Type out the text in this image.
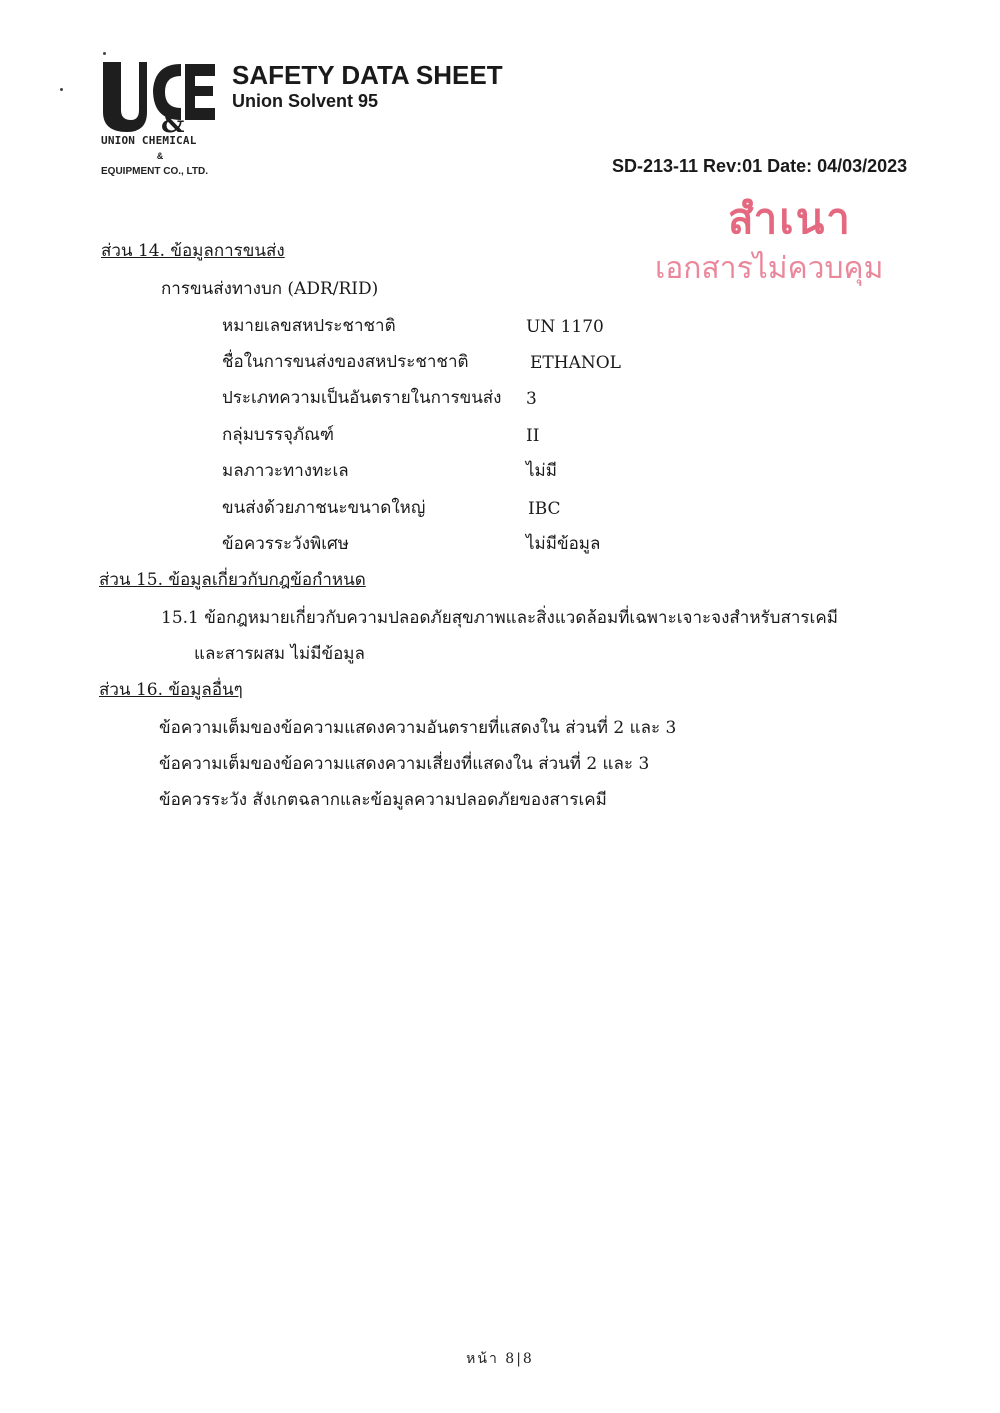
&
UNION CHEMICAL
&
EQUIPMENT CO., LTD.
SAFETY DATA SHEET
Union Solvent 95
SD-213-11 Rev:01 Date: 04/03/2023
สำเนา
เอกสารไม่ควบคุม
ส่วน 14. ข้อมูลการขนส่ง
การขนส่งทางบก (ADR/RID)
หมายเลขสหประชาชาติ	UN 1170
ชื่อในการขนส่งของสหประชาชาติ	ETHANOL
ประเภทความเป็นอันตรายในการขนส่ง 3
กลุ่มบรรจุภัณฑ์	II
มลภาวะทางทะเล	ไม่มี
ขนส่งด้วยภาชนะขนาดใหญ่	IBC
ข้อควรระวังพิเศษ	ไม่มีข้อมูล
ส่วน 15. ข้อมูลเกี่ยวกับกฎข้อกำหนด
15.1 ข้อกฎหมายเกี่ยวกับความปลอดภัยสุขภาพและสิ่งแวดล้อมที่เฉพาะเจาะจงสำหรับสารเคมี
และสารผสม ไม่มีข้อมูล
ส่วน 16. ข้อมูลอื่นๆ
ข้อความเต็มของข้อความแสดงความอันตรายที่แสดงใน ส่วนที่ 2 และ 3
ข้อความเต็มของข้อความแสดงความเสี่ยงที่แสดงใน ส่วนที่ 2 และ 3
ข้อควรระวัง สังเกตฉลากและข้อมูลความปลอดภัยของสารเคมี
หน้า 8|8
